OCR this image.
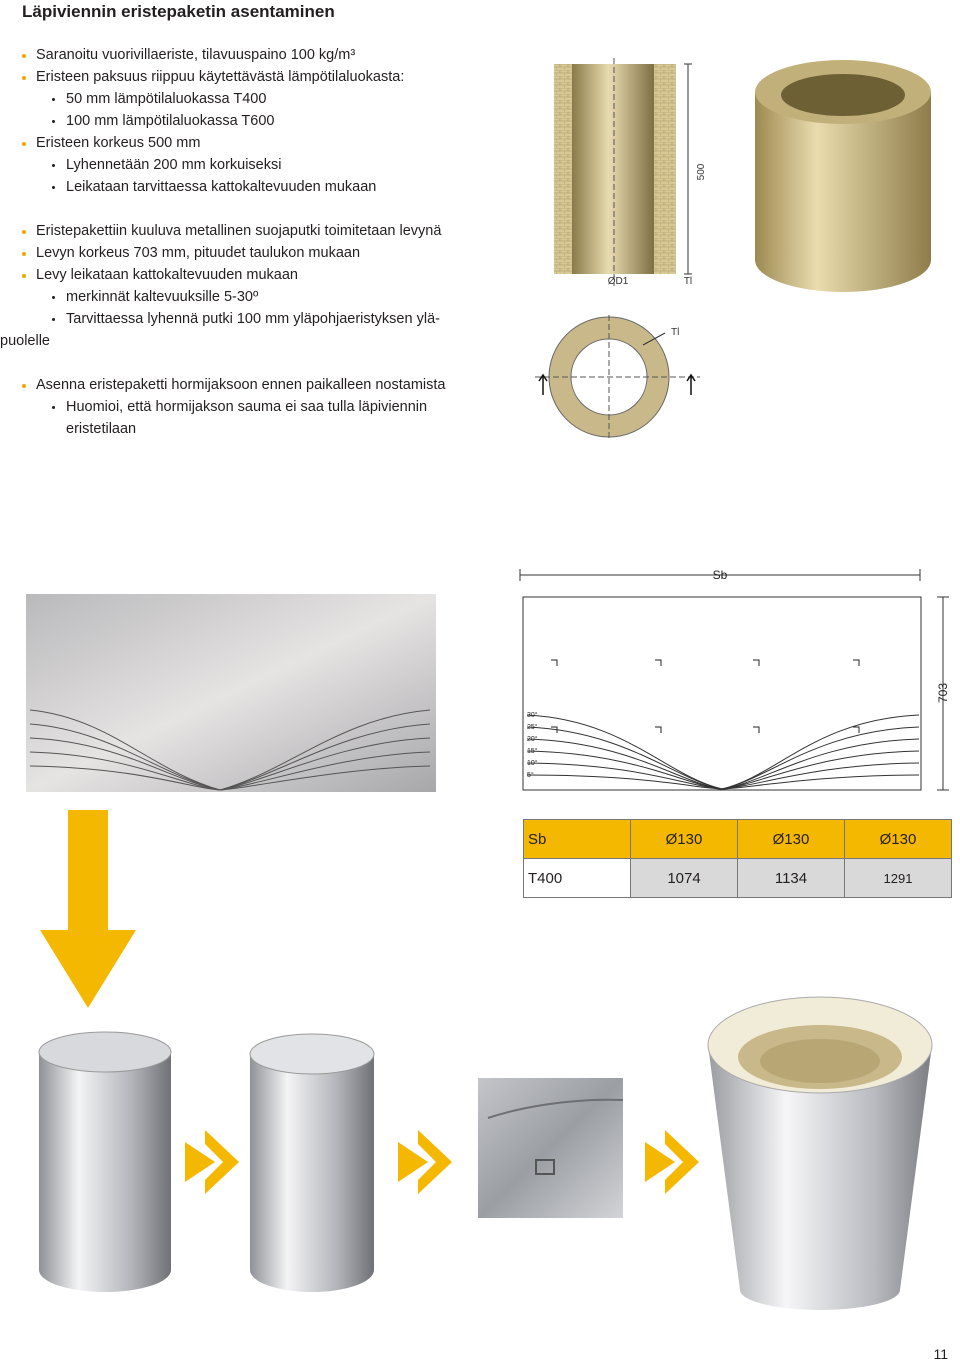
Läpiviennin eristepaketin asentaminen
Saranoitu vuorivillaeriste, tilavuuspaino 100 kg/m³
Eristeen paksuus riippuu käytettävästä lämpötilaluokasta:
50 mm lämpötilaluokassa T400
100 mm lämpötilaluokassa T600
Eristeen korkeus 500 mm
Lyhennetään 200 mm korkuiseksi
Leikataan tarvittaessa kattokaltevuuden mukaan
Eristepakettiin kuuluva metallinen suojaputki toimitetaan levynä
Levyn korkeus 703 mm, pituudet taulukon mukaan
Levy leikataan kattokaltevuuden mukaan
merkinnät kaltevuuksille 5-30º
Tarvittaessa lyhennä putki 100 mm yläpohjaeristyksen ylä-
puolelle
Asenna eristepaketti hormijaksoon ennen paikalleen nostamista
Huomioi, että hormijakson sauma ei saa tulla läpiviennin eristetilaan
500
ØD1	Tl
Tl
Sb
703
30°
25°
20°
15°
10°
5°
Sb	Ø130	Ø130	Ø130
T400	1074	1134	1291
11
